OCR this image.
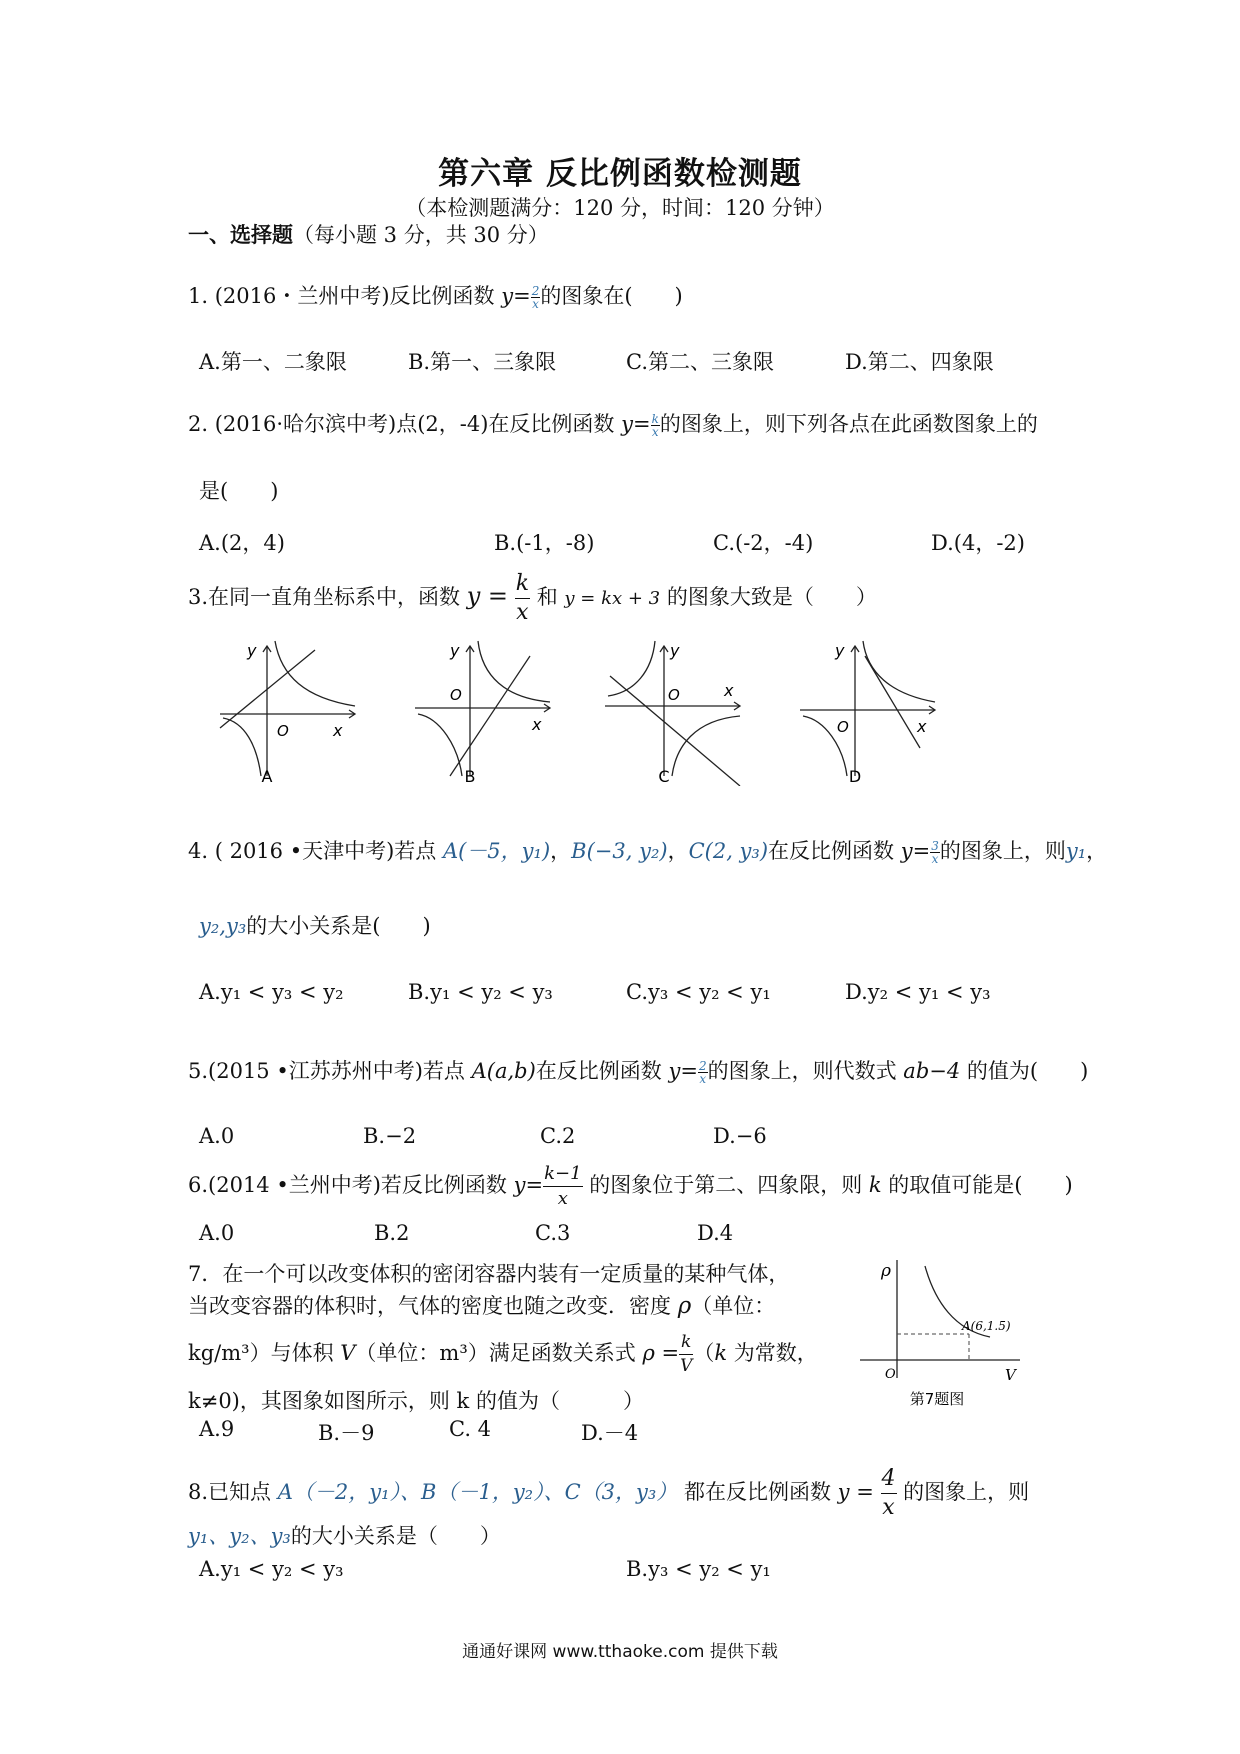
第六章 反比例函数检测题
（本检测题满分：120 分，时间：120 分钟）
一、选择题（每小题 3 分，共 30 分）
1. (2016・兰州中考)反比例函数 $y= \frac{2}{x}$ 的图象在(　　)
A.第一、二象限	B.第一、三象限	C.第二、三象限	D.第二、四象限
2. (2016·哈尔滨中考)点(2，-4)在反比例函数 $y= \frac{k}{x}$ 的图象上，则下列各点在此函数图象上的
是(　　)
A.(2，4)	B.(-1，-8)	C.(-2，-4)	D.(4，-2)
3.在同一直角坐标系中，函数 $y = \frac{k}{x}$ 和 y = kx + 3 的图象大致是（　　）
y
O	x
A
y
O
x
B
y
O	x
C
y
O	x
D
4. ( 2016 •天津中考)若点 A(－5，y₁)，B(−3, y₂)，C(2, y₃)在反比例函数 $y= \frac{3}{x}$ 的图象上，则y₁，
y₂,y₃的大小关系是(　　)
A.y₁ < y₃ < y₂	B.y₁ < y₂ < y₃	C.y₃ < y₂ < y₁	D.y₂ < y₁ < y₃
5.(2015 •江苏苏州中考)若点 A(a,b)在反比例函数 $y= \frac{2}{x}$ 的图象上，则代数式 ab−4 的值为(　　)
A.0	B.−2	C.2	D.−6
6.(2014 •兰州中考)若反比例函数 $y= \frac{k-1}{x}$ 的图象位于第二、四象限，则 k 的取值可能是(　　)
A.0	B.2	C.3	D.4
7．在一个可以改变体积的密闭容器内装有一定质量的某种气体，
当改变容器的体积时，气体的密度也随之改变．密度 ρ（单位：
kg/m³）与体积 V（单位：m³）满足函数关系式 $\rho = \frac{k}{V} (k$ 为常数，
k≠0)，其图象如图所示，则 k 的值为（　　　）
A.9	B.－9	C. 4	D.－4
ρ
V
O
A(6,1.5)
第7题图
8.已知点 A（－2，y₁）、B（－1，y₂）、C（3，y₃） 都在反比例函数 $y = \frac{4}{x}$ 的图象上，则
y₁、y₂、y₃的大小关系是（　　）
A.y₁ < y₂ < y₃	B.y₃ < y₂ < y₁
通通好课网 www.tthaoke.com 提供下载
